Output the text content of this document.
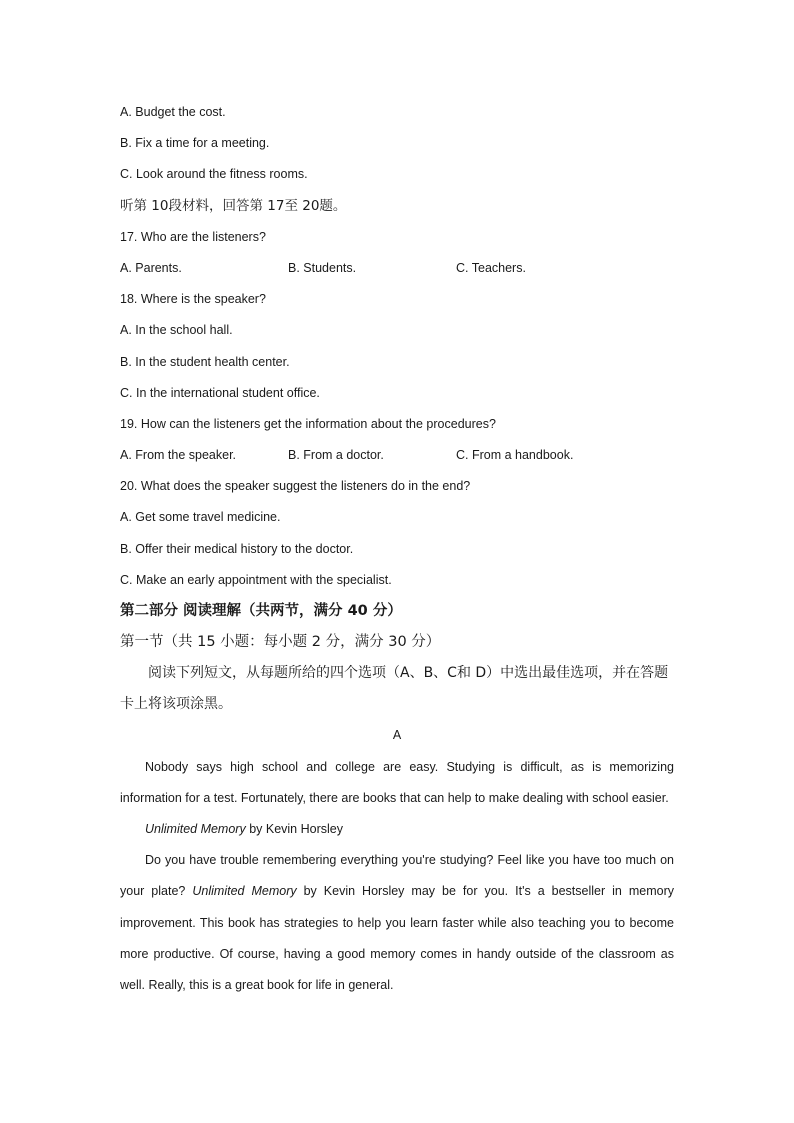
A. Budget the cost.
B. Fix a time for a meeting.
C. Look around the fitness rooms.
听第 10段材料，回答第 17至 20题。
17. Who are the listeners?
A. Parents.	B. Students.	C. Teachers.
18. Where is the speaker?
A. In the school hall.
B. In the student health center.
C. In the international student office.
19. How can the listeners get the information about the procedures?
A. From the speaker.	B. From a doctor.	C. From a handbook.
20. What does the speaker suggest the listeners do in the end?
A. Get some travel medicine.
B. Offer their medical history to the doctor.
C. Make an early appointment with the specialist.
第二部分 阅读理解（共两节，满分 40 分）
第一节（共 15 小题：每小题 2 分，满分 30 分）
阅读下列短文，从每题所给的四个选项（A、B、C和 D）中选出最佳选项，并在答题卡上将该项涂黑。
A
Nobody says high school and college are easy. Studying is difficult, as is memorizing information for a test. Fortunately, there are books that can help to make dealing with school easier.
Unlimited Memory by Kevin Horsley
Do you have trouble remembering everything you're studying? Feel like you have too much on your plate? Unlimited Memory by Kevin Horsley may be for you. It's a bestseller in memory improvement. This book has strategies to help you learn faster while also teaching you to become more productive. Of course, having a good memory comes in handy outside of the classroom as well. Really, this is a great book for life in general.
